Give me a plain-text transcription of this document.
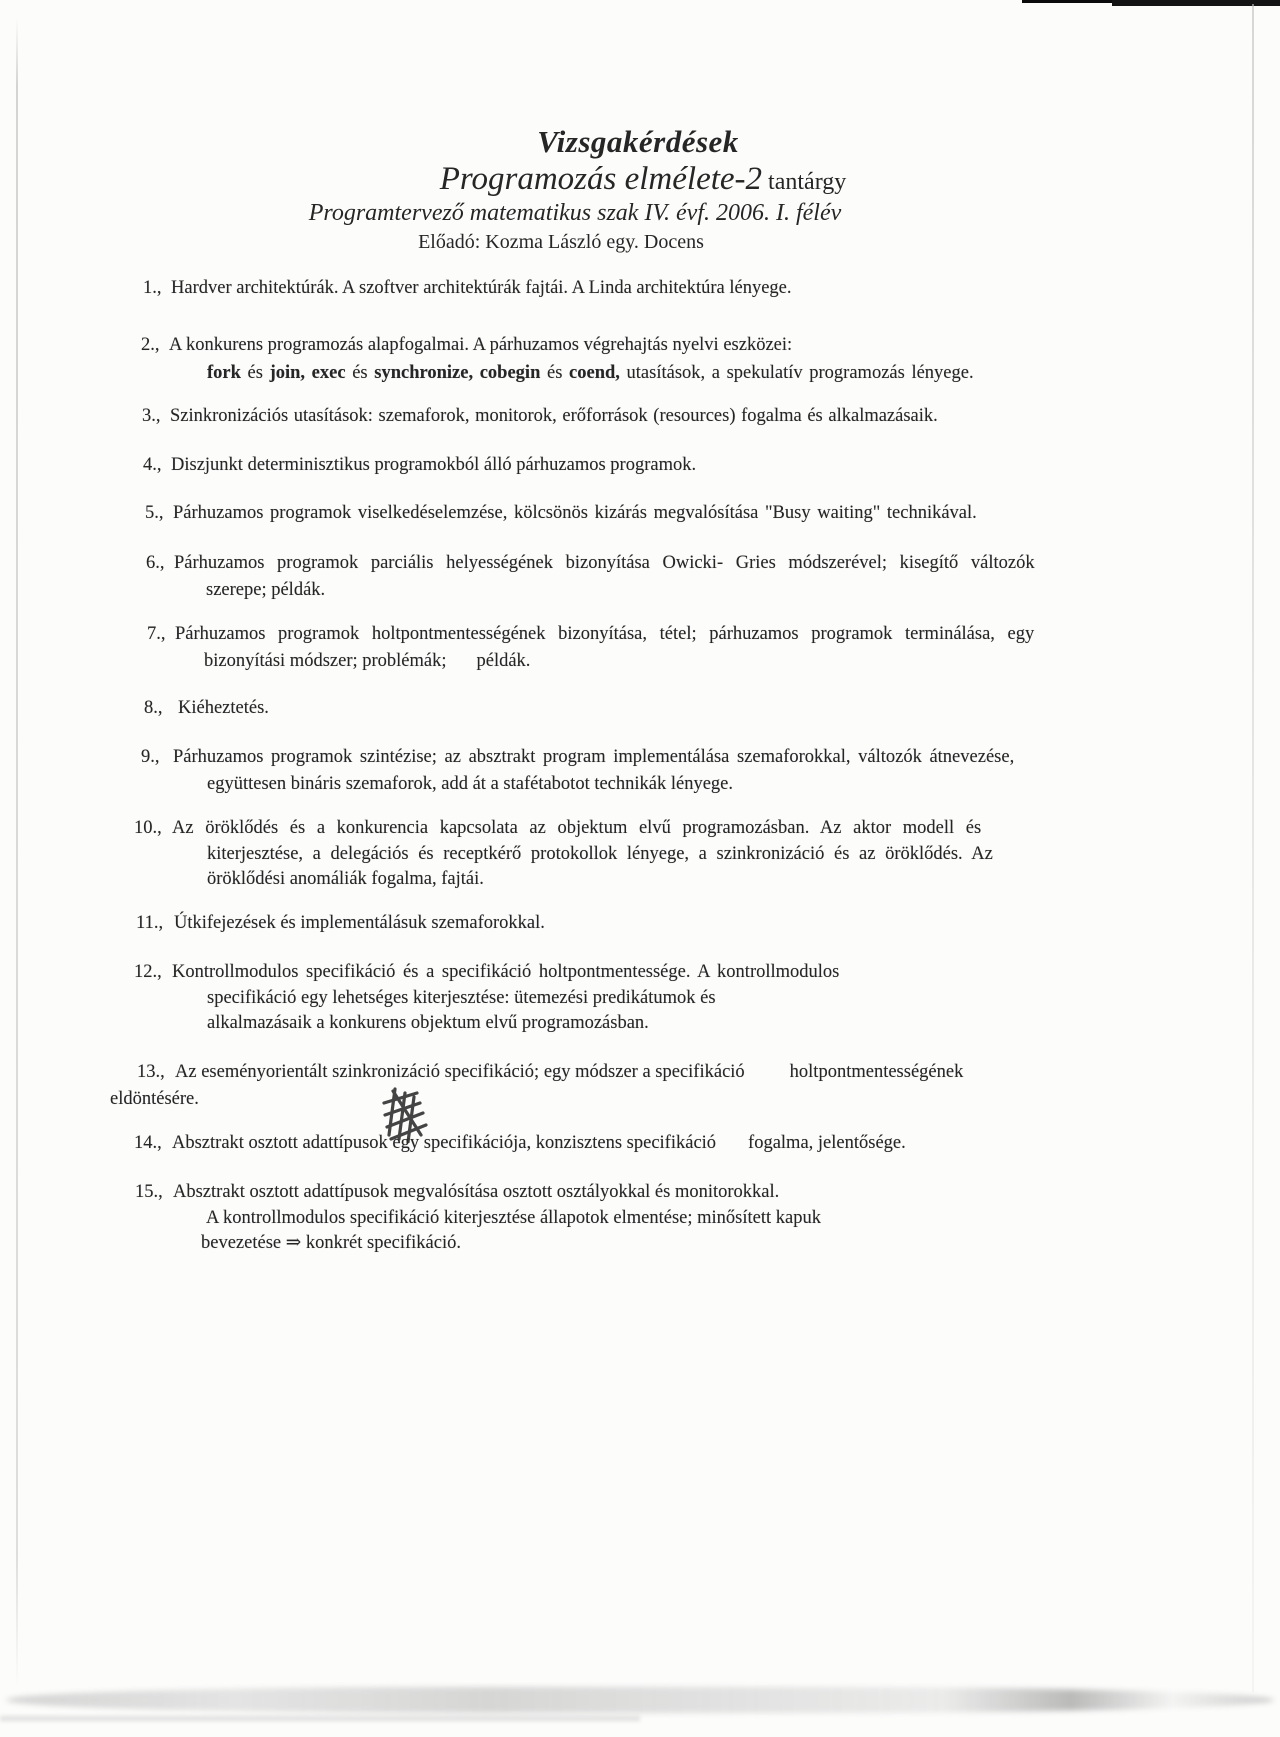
Vizsgakérdések
Programozás elmélete-2 tantárgy
Programtervező matematikus szak IV. évf. 2006. I. félév
Előadó: Kozma László egy. Docens
1., Hardver architektúrák. A szoftver architektúrák fajtái. A Linda architektúra lényege.
2., A konkurens programozás alapfogalmai. A párhuzamos végrehajtás nyelvi eszközei:
fork és join, exec és synchronize, cobegin és coend, utasítások, a spekulatív programozás lényege.
3., Szinkronizációs utasítások: szemaforok, monitorok, erőforrások (resources) fogalma és alkalmazásaik.
4., Diszjunkt determinisztikus programokból álló párhuzamos programok.
5., Párhuzamos programok viselkedéselemzése, kölcsönös kizárás megvalósítása "Busy waiting" technikával.
6., Párhuzamos programok parciális helyességének bizonyítása Owicki- Gries módszerével; kisegítő változók
szerepe; példák.
7., Párhuzamos programok holtpontmentességének bizonyítása, tétel; párhuzamos programok terminálása, egy
bizonyítási módszer; problémák; példák.
8., Kiéheztetés.
9., Párhuzamos programok szintézise; az absztrakt program implementálása szemaforokkal, változók átnevezése,
együttesen bináris szemaforok, add át a stafétabotot technikák lényege.
10., Az öröklődés és a konkurencia kapcsolata az objektum elvű programozásban. Az aktor modell és
kiterjesztése, a delegációs és receptkérő protokollok lényege, a szinkronizáció és az öröklődés. Az
öröklődési anomáliák fogalma, fajtái.
11., Útkifejezések és implementálásuk szemaforokkal.
12., Kontrollmodulos specifikáció és a specifikáció holtpontmentessége. A kontrollmodulos
specifikáció egy lehetséges kiterjesztése: ütemezési predikátumok és
alkalmazásaik a konkurens objektum elvű programozásban.
13., Az eseményorientált szinkronizáció specifikáció; egy módszer a specifikáció holtpontmentességének
eldöntésére.
14., Absztrakt osztott adattípusok egy specifikációja, konzisztens specifikáció fogalma, jelentősége.
15., Absztrakt osztott adattípusok megvalósítása osztott osztályokkal és monitorokkal.
A kontrollmodulos specifikáció kiterjesztése állapotok elmentése; minősített kapuk
bevezetése ⇒ konkrét specifikáció.
